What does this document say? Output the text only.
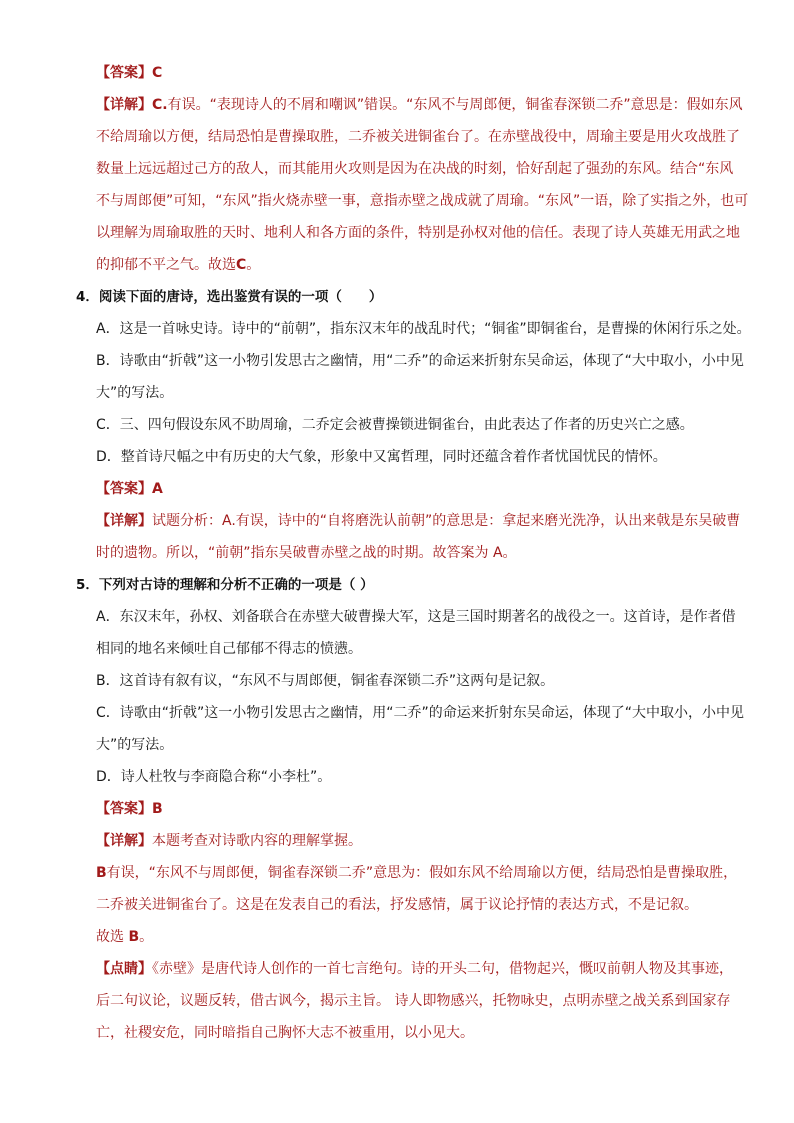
【答案】C
【详解】C.有误。“表现诗人的不屑和嘲讽”错误。“东风不与周郎便，铜雀春深锁二乔”意思是：假如东风
不给周瑜以方便，结局恐怕是曹操取胜，二乔被关进铜雀台了。在赤壁战役中，周瑜主要是用火攻战胜了
数量上远远超过己方的敌人，而其能用火攻则是因为在决战的时刻，恰好刮起了强劲的东风。结合“东风
不与周郎便”可知，“东风”指火烧赤壁一事，意指赤壁之战成就了周瑜。“东风”一语，除了实指之外，也可
以理解为周瑜取胜的天时、地利人和各方面的条件，特别是孙权对他的信任。表现了诗人英雄无用武之地
的抑郁不平之气。故选C。
4．阅读下面的唐诗，选出鉴赏有误的一项（　　）
A．这是一首咏史诗。诗中的“前朝”，指东汉末年的战乱时代；“铜雀”即铜雀台，是曹操的休闲行乐之处。
B．诗歌由“折戟”这一小物引发思古之幽情，用“二乔”的命运来折射东吴命运，体现了“大中取小，小中见
大”的写法。
C．三、四句假设东风不助周瑜，二乔定会被曹操锁进铜雀台，由此表达了作者的历史兴亡之感。
D．整首诗尺幅之中有历史的大气象，形象中又寓哲理，同时还蕴含着作者忧国忧民的情怀。
【答案】A
【详解】试题分析：A.有误，诗中的“自将磨洗认前朝”的意思是：拿起来磨光洗净，认出来戟是东吴破曹
时的遗物。所以，“前朝”指东吴破曹赤壁之战的时期。故答案为 A。
5．下列对古诗的理解和分析不正确的一项是（ ）
A．东汉末年，孙权、刘备联合在赤壁大破曹操大军，这是三国时期著名的战役之一。这首诗，是作者借
相同的地名来倾吐自己郁郁不得志的愤懑。
B．这首诗有叙有议，“东风不与周郎便，铜雀春深锁二乔”这两句是记叙。
C．诗歌由“折戟”这一小物引发思古之幽情，用“二乔”的命运来折射东吴命运，体现了“大中取小，小中见
大”的写法。
D．诗人杜牧与李商隐合称“小李杜”。
【答案】B
【详解】本题考查对诗歌内容的理解掌握。
B有误，“东风不与周郎便，铜雀春深锁二乔”意思为：假如东风不给周瑜以方便，结局恐怕是曹操取胜，
二乔被关进铜雀台了。这是在发表自己的看法，抒发感情，属于议论抒情的表达方式，不是记叙。
故选 B。
【点睛】《赤壁》是唐代诗人创作的一首七言绝句。诗的开头二句，借物起兴，慨叹前朝人物及其事迹，
后二句议论，议题反转，借古讽今，揭示主旨。 诗人即物感兴，托物咏史，点明赤壁之战关系到国家存
亡，社稷安危，同时暗指自己胸怀大志不被重用，以小见大。
